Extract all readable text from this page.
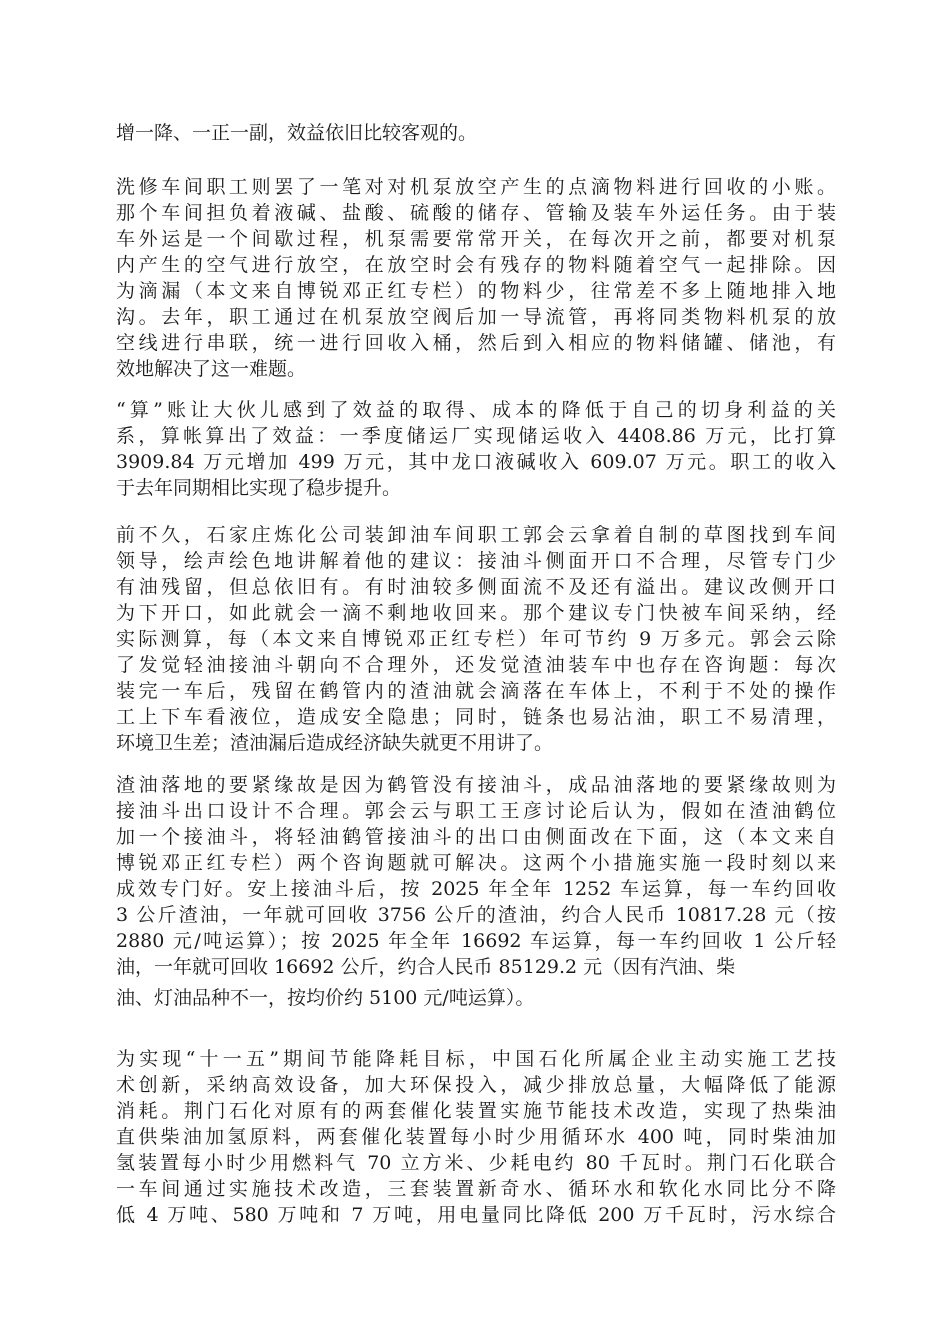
增一降、一正一副，效益依旧比较客观的。
洗修车间职工则罢了一笔对对机泵放空产生的点滴物料进行回收的小账。
那个车间担负着液碱、盐酸、硫酸的储存、管输及装车外运任务。由于装
车外运是一个间歇过程，机泵需要常常开关，在每次开之前，都要对机泵
内产生的空气进行放空，在放空时会有残存的物料随着空气一起排除。因
为滴漏（本文来自博锐邓正红专栏）的物料少，往常差不多上随地排入地
沟。去年，职工通过在机泵放空阀后加一导流管，再将同类物料机泵的放
空线进行串联，统一进行回收入桶，然后到入相应的物料储罐、储池，有
效地解决了这一难题。
“算”账让大伙儿感到了效益的取得、成本的降低于自己的切身利益的关
系，算帐算出了效益：一季度储运厂实现储运收入 4408.86 万元，比打算
3909.84 万元增加 499 万元，其中龙口液碱收入 609.07 万元。职工的收入
于去年同期相比实现了稳步提升。
前不久，石家庄炼化公司装卸油车间职工郭会云拿着自制的草图找到车间
领导，绘声绘色地讲解着他的建议：接油斗侧面开口不合理，尽管专门少
有油残留，但总依旧有。有时油较多侧面流不及还有溢出。建议改侧开口
为下开口，如此就会一滴不剩地收回来。那个建议专门快被车间采纳，经
实际测算，每（本文来自博锐邓正红专栏）年可节约 9 万多元。郭会云除
了发觉轻油接油斗朝向不合理外，还发觉渣油装车中也存在咨询题：每次
装完一车后，残留在鹤管内的渣油就会滴落在车体上，不利于不处的操作
工上下车看液位，造成安全隐患；同时，链条也易沾油，职工不易清理，
环境卫生差；渣油漏后造成经济缺失就更不用讲了。
渣油落地的要紧缘故是因为鹤管没有接油斗，成品油落地的要紧缘故则为
接油斗出口设计不合理。郭会云与职工王彦讨论后认为，假如在渣油鹤位
加一个接油斗，将轻油鹤管接油斗的出口由侧面改在下面，这（本文来自
博锐邓正红专栏）两个咨询题就可解决。这两个小措施实施一段时刻以来
成效专门好。安上接油斗后，按 2025 年全年 1252 车运算，每一车约回收
3 公斤渣油，一年就可回收 3756 公斤的渣油，约合人民币 10817.28 元（按
2880 元/吨运算）；按 2025 年全年 16692 车运算，每一车约回收 1 公斤轻
油，一年就可回收 16692 公斤，约合人民币 85129.2 元（因有汽油、柴
油、灯油品种不一，按均价约 5100 元/吨运算）。
为实现“十一五”期间节能降耗目标，中国石化所属企业主动实施工艺技
术创新，采纳高效设备，加大环保投入，减少排放总量，大幅降低了能源
消耗。荆门石化对原有的两套催化装置实施节能技术改造，实现了热柴油
直供柴油加氢原料，两套催化装置每小时少用循环水 400 吨，同时柴油加
氢装置每小时少用燃料气 70 立方米、少耗电约 80 千瓦时。荆门石化联合
一车间通过实施技术改造，三套装置新奇水、循环水和软化水同比分不降
低 4 万吨、580 万吨和 7 万吨，用电量同比降低 200 万千瓦时，污水综合
